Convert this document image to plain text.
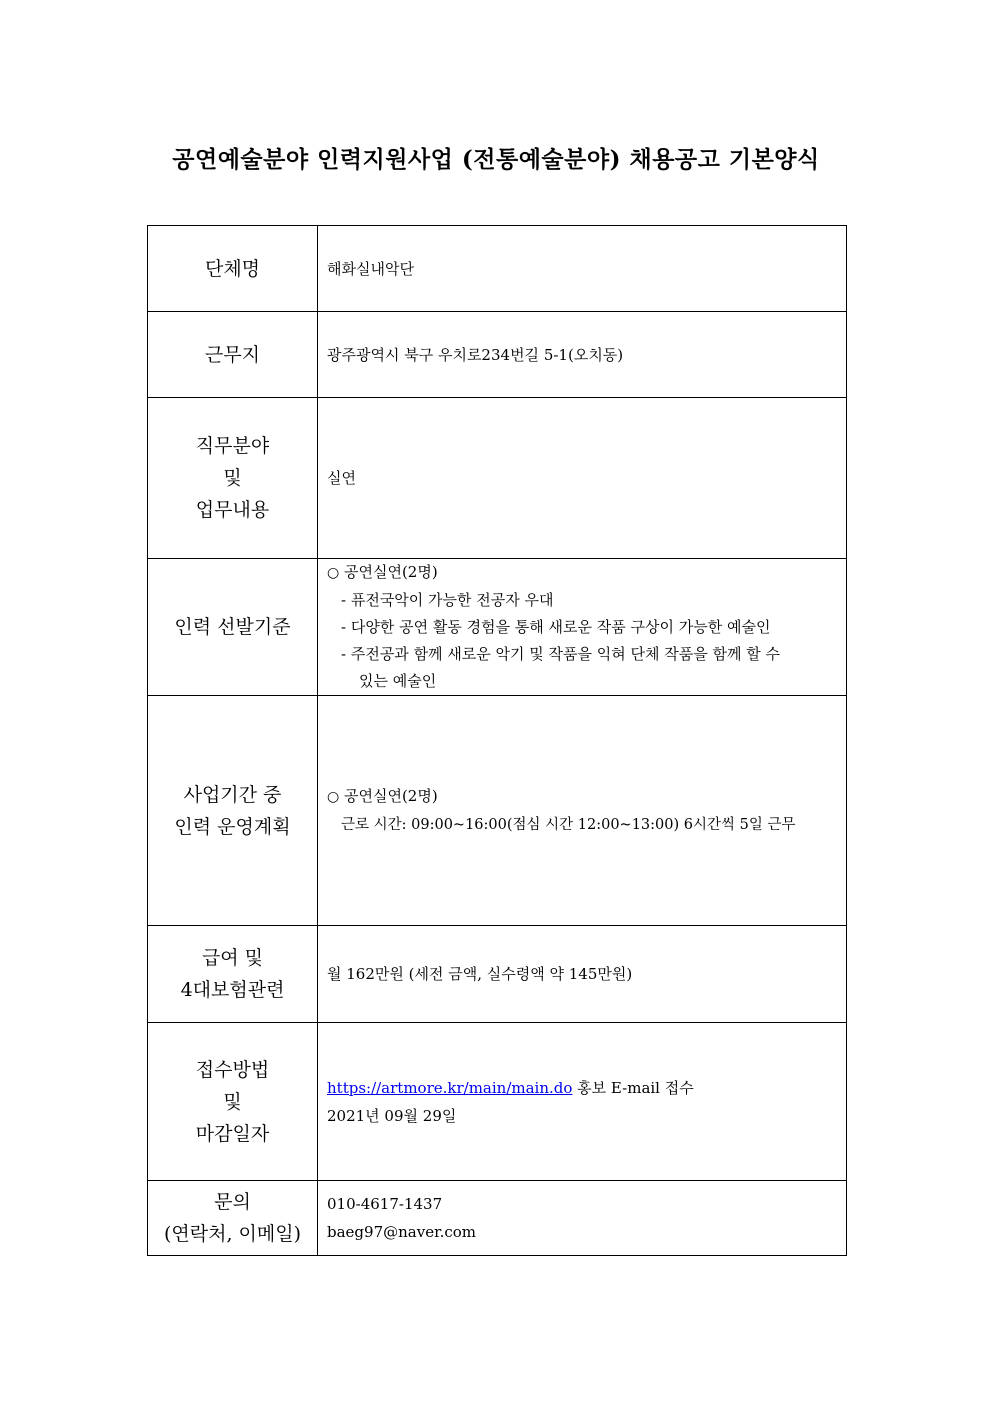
공연예술분야 인력지원사업 (전통예술분야) 채용공고 기본양식
단체명	해화실내악단
근무지	광주광역시 북구 우치로234번길 5-1(오치동)

직무분야
및
업무내용	실연
인력 선발기준	○ 공연실연(2명)
- 퓨전국악이 가능한 전공자 우대
- 다양한 공연 활동 경험을 통해 새로운 작품 구상이 가능한 예술인
- 주전공과 함께 새로운 악기 및 작품을 익혀 단체 작품을 함께 할 수
있는 예술인

사업기간 중
인력 운영계획	○ 공연실연(2명)
근로 시간: 09:00~16:00(점심 시간 12:00~13:00) 6시간씩 5일 근무

급여 및
4대보험관련	월 162만원 (세전 금액, 실수령액 약 145만원)

접수방법
및
마감일자	https://artmore.kr/main/main.do 홍보 E-mail 접수
2021년 09월 29일

문의
(연락처, 이메일)	010-4617-1437
baeg97@naver.com
